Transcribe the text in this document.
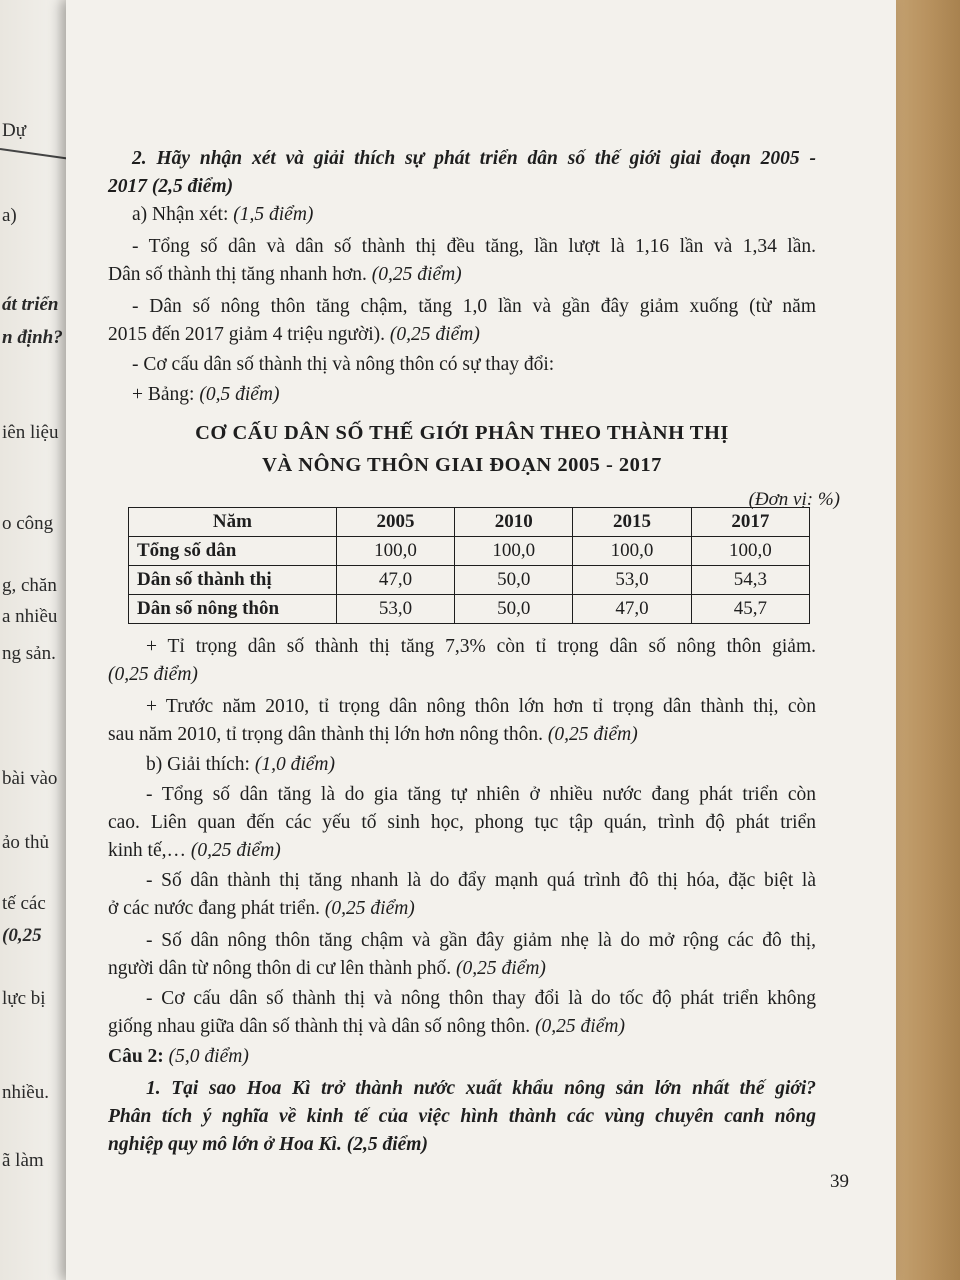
Dự
a)
át triển
n định?
iên liệu
o công
g, chăn
a nhiều
ng sản.
bài vào
ảo thủ
tế các
(0,25
lực bị
nhiều.
ã làm
2. Hãy nhận xét và giải thích sự phát triển dân số thế giới giai đoạn 2005 -
2017 (2,5 điểm)
a) Nhận xét: (1,5 điểm)
- Tổng số dân và dân số thành thị đều tăng, lần lượt là 1,16 lần và 1,34 lần.
Dân số thành thị tăng nhanh hơn. (0,25 điểm)
- Dân số nông thôn tăng chậm, tăng 1,0 lần và gần đây giảm xuống (từ năm
2015 đến 2017 giảm 4 triệu người). (0,25 điểm)
- Cơ cấu dân số thành thị và nông thôn có sự thay đổi:
+ Bảng: (0,5 điểm)
CƠ CẤU DÂN SỐ THẾ GIỚI PHÂN THEO THÀNH THỊ
VÀ NÔNG THÔN GIAI ĐOẠN 2005 - 2017
(Đơn vị: %)
Năm	2005	2010	2015	2017
Tổng số dân	100,0	100,0	100,0	100,0
Dân số thành thị	47,0	50,0	53,0	54,3
Dân số nông thôn	53,0	50,0	47,0	45,7
+ Tỉ trọng dân số thành thị tăng 7,3% còn tỉ trọng dân số nông thôn giảm.
(0,25 điểm)
+ Trước năm 2010, tỉ trọng dân nông thôn lớn hơn tỉ trọng dân thành thị, còn
sau năm 2010, tỉ trọng dân thành thị lớn hơn nông thôn. (0,25 điểm)
b) Giải thích: (1,0 điểm)
- Tổng số dân tăng là do gia tăng tự nhiên ở nhiều nước đang phát triển còn
cao. Liên quan đến các yếu tố sinh học, phong tục tập quán, trình độ phát triển
kinh tế,… (0,25 điểm)
- Số dân thành thị tăng nhanh là do đẩy mạnh quá trình đô thị hóa, đặc biệt là
ở các nước đang phát triển. (0,25 điểm)
- Số dân nông thôn tăng chậm và gần đây giảm nhẹ là do mở rộng các đô thị,
người dân từ nông thôn di cư lên thành phố. (0,25 điểm)
- Cơ cấu dân số thành thị và nông thôn thay đổi là do tốc độ phát triển không
giống nhau giữa dân số thành thị và dân số nông thôn. (0,25 điểm)
Câu 2: (5,0 điểm)
1. Tại sao Hoa Kì trở thành nước xuất khẩu nông sản lớn nhất thế giới?
Phân tích ý nghĩa về kinh tế của việc hình thành các vùng chuyên canh nông
nghiệp quy mô lớn ở Hoa Kì. (2,5 điểm)
39
